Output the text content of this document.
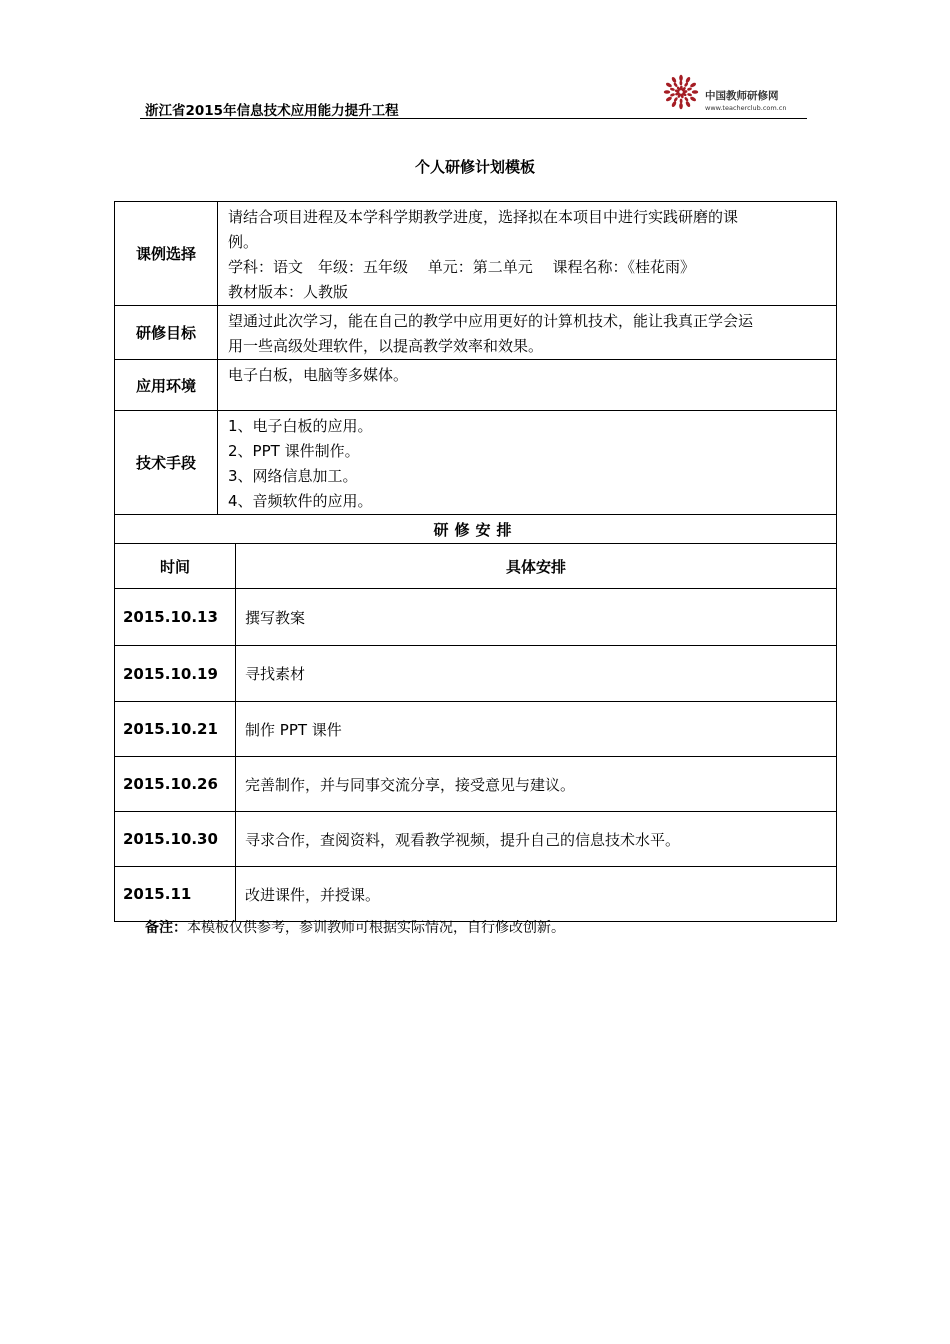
浙江省2015年信息技术应用能力提升工程
中国教师研修网
www.teacherclub.com.cn
个人研修计划模板
课例选择	请结合项目进程及本学科学期教学进度，选择拟在本项目中进行实践研磨的课
例。
学科：语文　年级：五年级　 单元：第二单元　 课程名称：《桂花雨》
教材版本：人教版	

研修目标	望通过此次学习，能在自己的教学中应用更好的计算机技术，能让我真正学会运
用一些高级处理软件，以提高教学效率和效果。	

应用环境	电子白板，电脑等多媒体。	

技术手段	1、电子白板的应用。
2、PPT 课件制作。
3、网络信息加工。
4、音频软件的应用。	

研修安排		
时间		具体安排
2015.10.13		撰写教案
2015.10.19		寻找素材
2015.10.21		制作 PPT 课件
2015.10.26		完善制作，并与同事交流分享，接受意见与建议。
2015.10.30		寻求合作，查阅资料，观看教学视频，提升自己的信息技术水平。
2015.11		改进课件，并授课。
备注：本模板仅供参考，参训教师可根据实际情况，自行修改创新。
